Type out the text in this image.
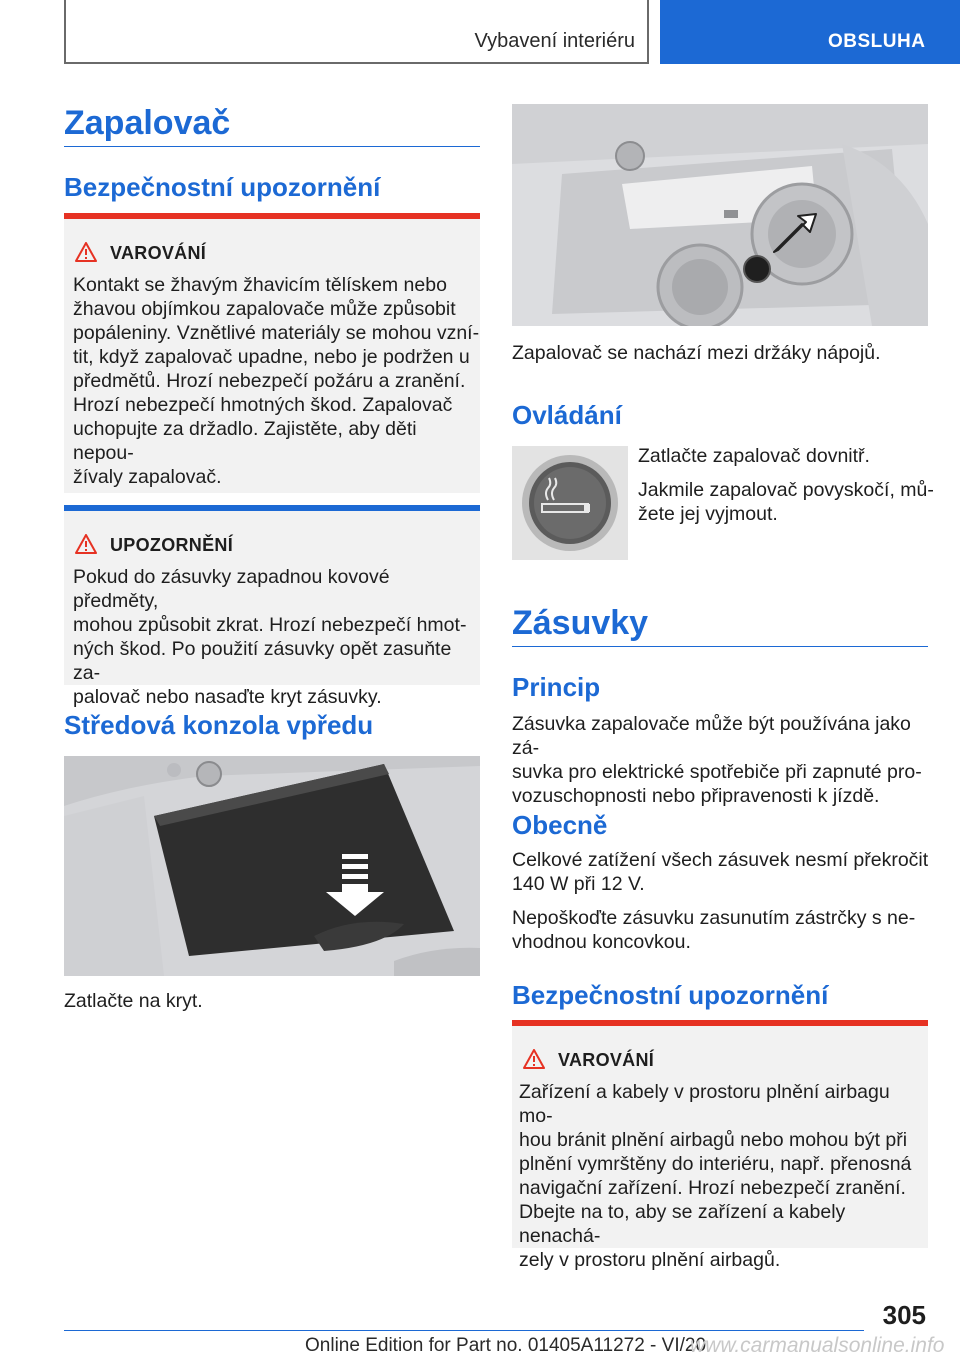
Vybavení interiéru	OBSLUHA
Zapalovač
Bezpečnostní upozornění
VAROVÁNÍ
Kontakt se žhavým žhavicím tělískem nebo
žhavou objímkou zapalovače může způsobit
popáleniny. Vznětlivé materiály se mohou vzní-
tit, když zapalovač upadne, nebo je podržen u
předmětů. Hrozí nebezpečí požáru a zranění.
Hrozí nebezpečí hmotných škod. Zapalovač
uchopujte za držadlo. Zajistěte, aby děti nepou-
žívaly zapalovač.
UPOZORNĚNÍ
Pokud do zásuvky zapadnou kovové předměty,
mohou způsobit zkrat. Hrozí nebezpečí hmot-
ných škod. Po použití zásuvky opět zasuňte za-
palovač nebo nasaďte kryt zásuvky.
Středová konzola vpředu
Zatlačte na kryt.
Zapalovač se nachází mezi držáky nápojů.
Ovládání
Zatlačte zapalovač dovnitř.
Jakmile zapalovač povyskočí, mů-
žete jej vyjmout.
Zásuvky
Princip
Zásuvka zapalovače může být používána jako zá-
suvka pro elektrické spotřebiče při zapnuté pro-
vozuschopnosti nebo připravenosti k jízdě.
Obecně
Celkové zatížení všech zásuvek nesmí překročit
140 W při 12 V.
Nepoškoďte zásuvku zasunutím zástrčky s ne-
vhodnou koncovkou.
Bezpečnostní upozornění
VAROVÁNÍ
Zařízení a kabely v prostoru plnění airbagu mo-
hou bránit plnění airbagů nebo mohou být při
plnění vymrštěny do interiéru, např. přenosná
navigační zařízení. Hrozí nebezpečí zranění.
Dbejte na to, aby se zařízení a kabely nenachá-
zely v prostoru plnění airbagů.
305
Online Edition for Part no. 01405A11272 - VI/20
www.carmanualsonline.info
